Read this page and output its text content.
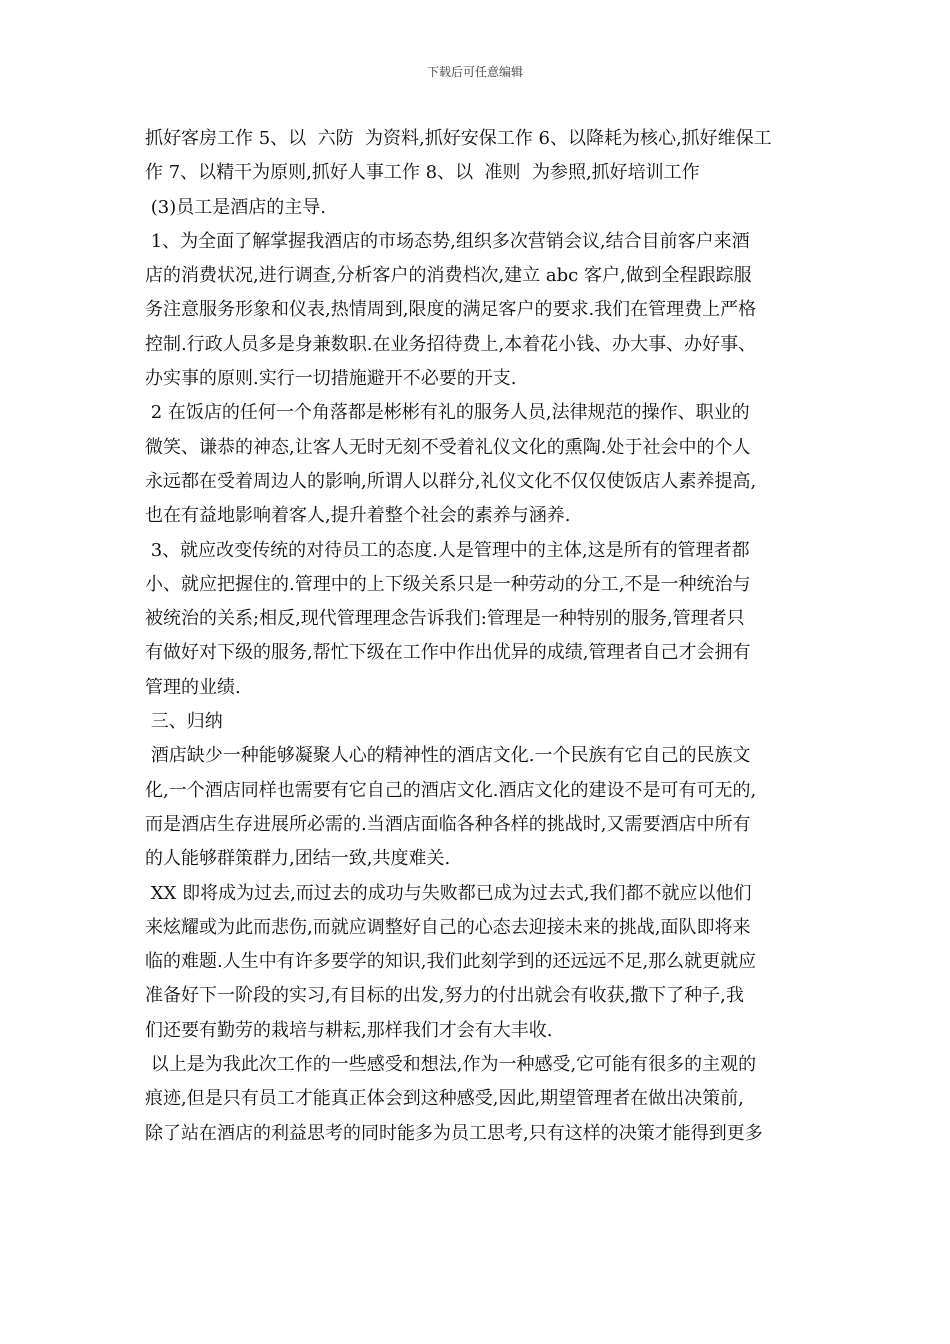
下载后可任意编辑
抓好客房工作 5、以  六防  为资料,抓好安保工作 6、以降耗为核心,抓好维保工
作 7、以精干为原则,抓好人事工作 8、以  准则  为参照,抓好培训工作
(3)员工是酒店的主导.
1、为全面了解掌握我酒店的市场态势,组织多次营销会议,结合目前客户来酒
店的消费状况,进行调查,分析客户的消费档次,建立 abc 客户,做到全程跟踪服
务注意服务形象和仪表,热情周到,限度的满足客户的要求.我们在管理费上严格
控制.行政人员多是身兼数职.在业务招待费上,本着花小钱、办大事、办好事、
办实事的原则.实行一切措施避开不必要的开支.
2 在饭店的任何一个角落都是彬彬有礼的服务人员,法律规范的操作、职业的
微笑、谦恭的神态,让客人无时无刻不受着礼仪文化的熏陶.处于社会中的个人
永远都在受着周边人的影响,所谓人以群分,礼仪文化不仅仅使饭店人素养提高,
也在有益地影响着客人,提升着整个社会的素养与涵养.
3、就应改变传统的对待员工的态度.人是管理中的主体,这是所有的管理者都
小、就应把握住的.管理中的上下级关系只是一种劳动的分工,不是一种统治与
被统治的关系;相反,现代管理理念告诉我们:管理是一种特别的服务,管理者只
有做好对下级的服务,帮忙下级在工作中作出优异的成绩,管理者自己才会拥有
管理的业绩.
三、归纳
酒店缺少一种能够凝聚人心的精神性的酒店文化.一个民族有它自己的民族文
化,一个酒店同样也需要有它自己的酒店文化.酒店文化的建设不是可有可无的,
而是酒店生存进展所必需的.当酒店面临各种各样的挑战时,又需要酒店中所有
的人能够群策群力,团结一致,共度难关.
XX 即将成为过去,而过去的成功与失败都已成为过去式,我们都不就应以他们
来炫耀或为此而悲伤,而就应调整好自己的心态去迎接未来的挑战,面队即将来
临的难题.人生中有许多要学的知识,我们此刻学到的还远远不足,那么就更就应
准备好下一阶段的实习,有目标的出发,努力的付出就会有收获,撒下了种子,我
们还要有勤劳的栽培与耕耘,那样我们才会有大丰收.
以上是为我此次工作的一些感受和想法,作为一种感受,它可能有很多的主观的
痕迹,但是只有员工才能真正体会到这种感受,因此,期望管理者在做出决策前,
除了站在酒店的利益思考的同时能多为员工思考,只有这样的决策才能得到更多
